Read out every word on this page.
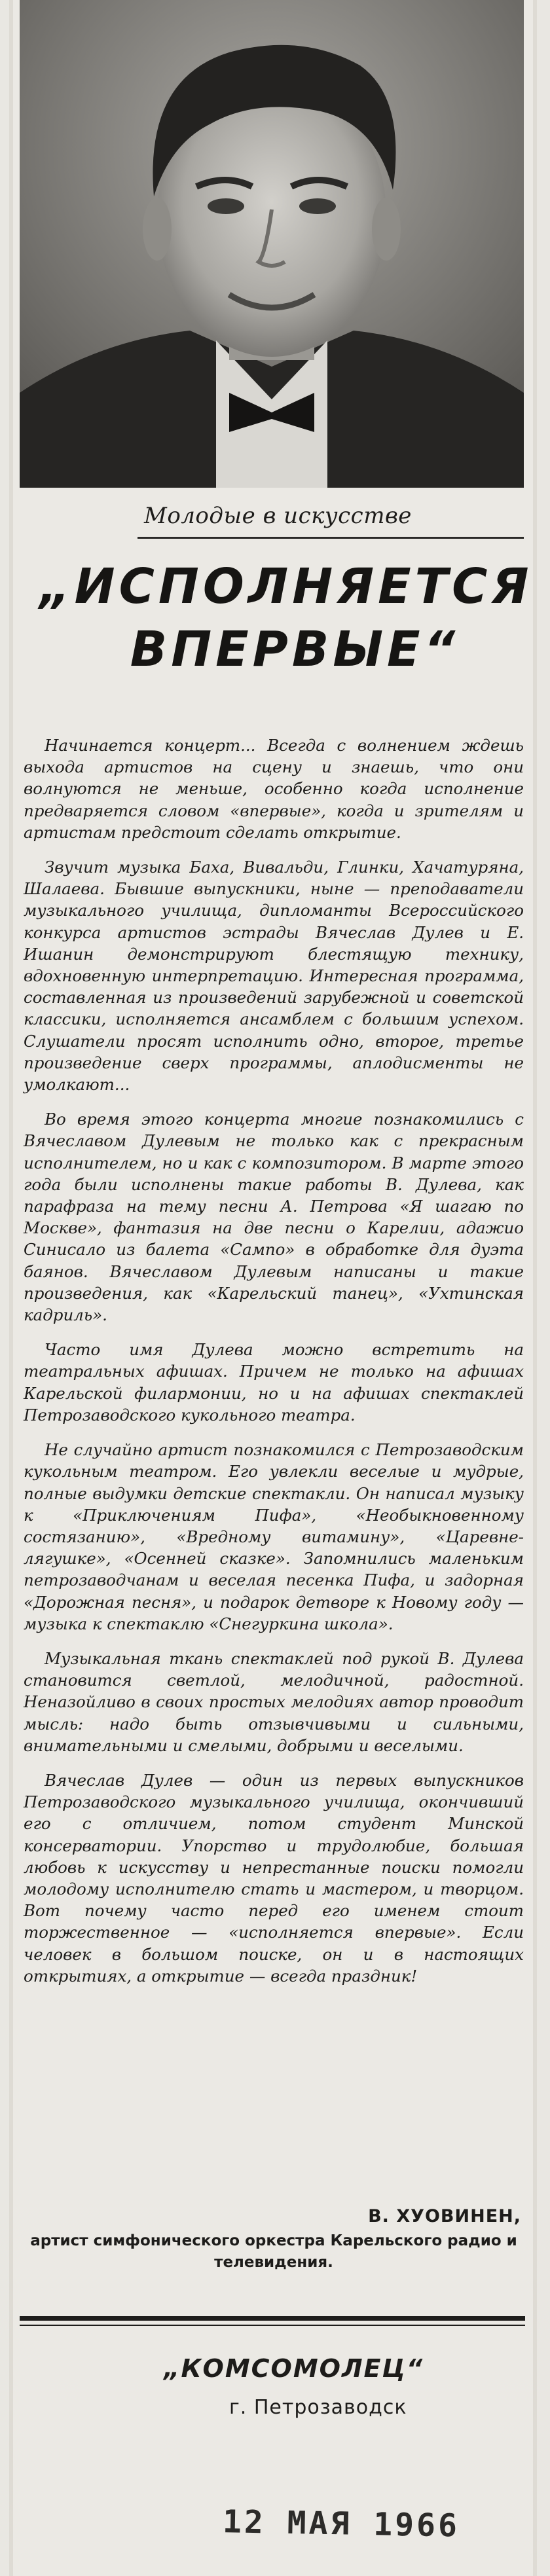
Молодые в искусстве
„ИСПОЛНЯЕТСЯ
ВПЕРВЫЕ“

Начинается концерт... Всегда с волнением ждешь выхода артистов на сцену и знаешь, что они волнуются не меньше, особенно когда исполнение предваряется словом «впервые», когда и зрителям и артистам предстоит сделать открытие.

Звучит музыка Баха, Вивальди, Глинки, Хачатуряна, Шалаева. Бывшие выпускники, ныне — преподаватели музыкального училища, дипломанты Всероссийского конкурса артистов эстрады Вячеслав Дулев и Е. Ишанин демонстрируют блестящую технику, вдохновенную интерпретацию. Интересная программа, составленная из произведений зарубежной и советской классики, исполняется ансамблем с большим успехом. Слушатели просят исполнить одно, второе, третье произведение сверх программы, аплодисменты не умолкают...

Во время этого концерта многие познакомились с Вячеславом Дулевым не только как с прекрасным исполнителем, но и как с композитором. В марте этого года были исполнены такие работы В. Дулева, как парафраза на тему песни А. Петрова «Я шагаю по Москве», фантазия на две песни о Карелии, адажио Синисало из балета «Сампо» в обработке для дуэта баянов. Вячеславом Дулевым написаны и такие произведения, как «Карельский танец», «Ухтинская кадриль».

Часто имя Дулева можно встретить на театральных афишах. Причем не только на афишах Карельской филармонии, но и на афишах спектаклей Петрозаводского кукольного театра.

Не случайно артист познакомился с Петрозаводским кукольным театром. Его увлекли веселые и мудрые, полные выдумки детские спектакли. Он написал музыку к «Приключениям Пифа», «Необыкновенному состязанию», «Вредному витамину», «Царевне-лягушке», «Осенней сказке». Запомнились маленьким петрозаводчанам и веселая песенка Пифа, и задорная «Дорожная песня», и подарок детворе к Новому году — музыка к спектаклю «Снегуркина школа».

Музыкальная ткань спектаклей под рукой В. Дулева становится светлой, мелодичной, радостной. Неназойливо в своих простых мелодиях автор проводит мысль: надо быть отзывчивыми и сильными, внимательными и смелыми, добрыми и веселыми.

Вячеслав Дулев — один из первых выпускников Петрозаводского музыкального училища, окончивший его с отличием, потом студент Минской консерватории. Упорство и трудолюбие, большая любовь к искусству и непрестанные поиски помогли молодому исполнителю стать и мастером, и творцом. Вот почему часто перед его именем стоит торжественное — «исполняется впервые». Если человек в большом поиске, он и в настоящих открытиях, а открытие — всегда праздник!

В. ХУОВИНЕН,
артист симфонического оркестра Карельского радио и телевидения.
„КОМСОМОЛЕЦ“
г. Петрозаводск
12 МАЯ 1966
